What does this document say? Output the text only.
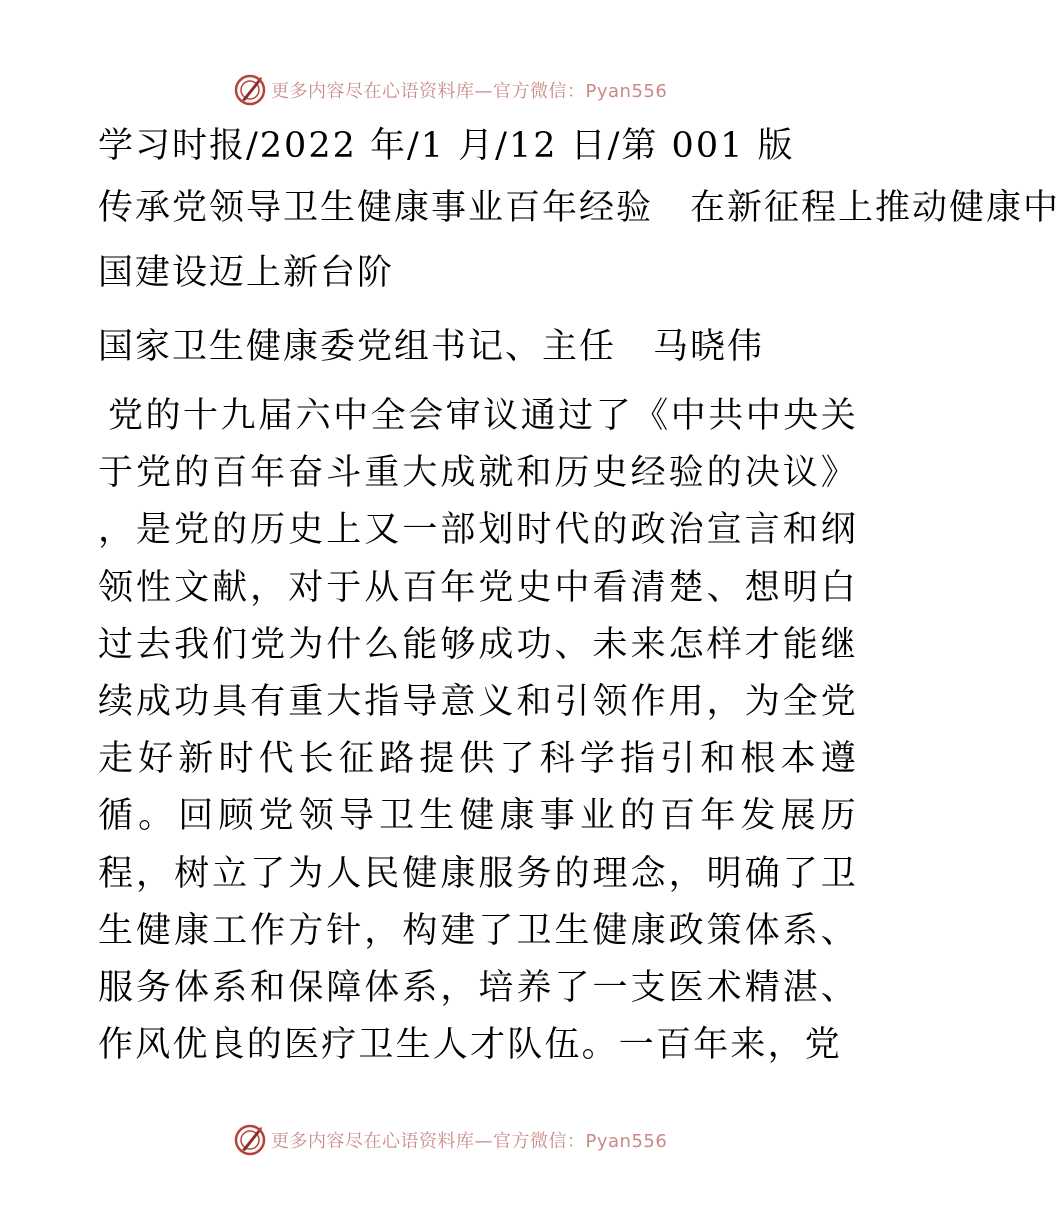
更多内容尽在心语资料库—官方微信：Pyan556
学习时报/2022 年/1 月/12 日/第 001 版
传承党领导卫生健康事业百年经验　在新征程上推动健康中
国建设迈上新台阶
国家卫生健康委党组书记、主任　马晓伟
党的十九届六中全会审议通过了《中共中央关于党的百年奋斗重大成就和历史经验的决议》 ，是党的历史上又一部划时代的政治宣言和纲领性文献，对于从百年党史中看清楚、想明白过去我们党为什么能够成功、未来怎样才能继续成功具有重大指导意义和引领作用，为全党走好新时代长征路提供了科学指引和根本遵循。回顾党领导卫生健康事业的百年发展历程，树立了为人民健康服务的理念，明确了卫生健康工作方针，构建了卫生健康政策体系、服务体系和保障体系，培养了一支医术精湛、作风优良的医疗卫生人才队伍。一百年来，党
更多内容尽在心语资料库—官方微信：Pyan556
